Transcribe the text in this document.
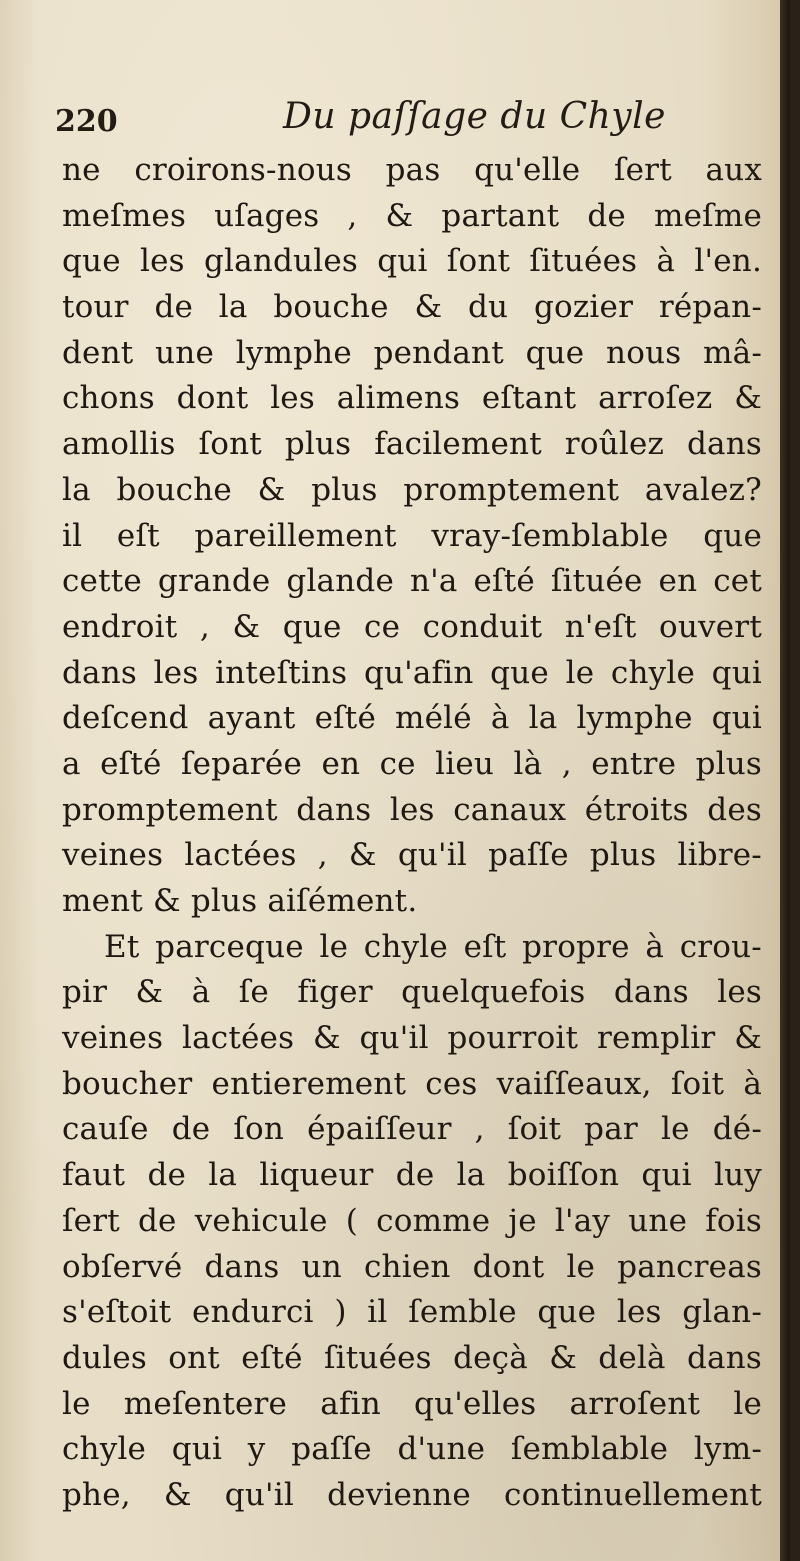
220	Du paſſage du Chyle
ne croirons-nous pas qu'elle ſert aux
meſmes uſages , & partant de meſme
que les glandules qui ſont ſituées à l'en.
tour de la bouche & du gozier répan-
dent une lymphe pendant que nous mâ-
chons dont les alimens eſtant arroſez &
amollis ſont plus facilement roûlez dans
la bouche & plus promptement avalez?
il eſt pareillement vray-ſemblable que
cette grande glande n'a eſté ſituée en cet
endroit , & que ce conduit n'eſt ouvert
dans les inteſtins qu'afin que le chyle qui
deſcend ayant eſté mélé à la lymphe qui
a eſté ſeparée en ce lieu là , entre plus
promptement dans les canaux étroits des
veines lactées , & qu'il paſſe plus libre-
ment & plus aiſément.
Et parceque le chyle eſt propre à crou-
pir & à ſe figer quelquefois dans les
veines lactées & qu'il pourroit remplir &
boucher entierement ces vaiſſeaux, ſoit à
cauſe de ſon épaiſſeur , ſoit par le dé-
faut de la liqueur de la boiſſon qui luy
ſert de vehicule ( comme je l'ay une fois
obſervé dans un chien dont le pancreas
s'eſtoit endurci ) il ſemble que les glan-
dules ont eſté ſituées deçà & delà dans
le meſentere afin qu'elles arroſent le
chyle qui y paſſe d'une ſemblable lym-
phe, & qu'il devienne continuellement
